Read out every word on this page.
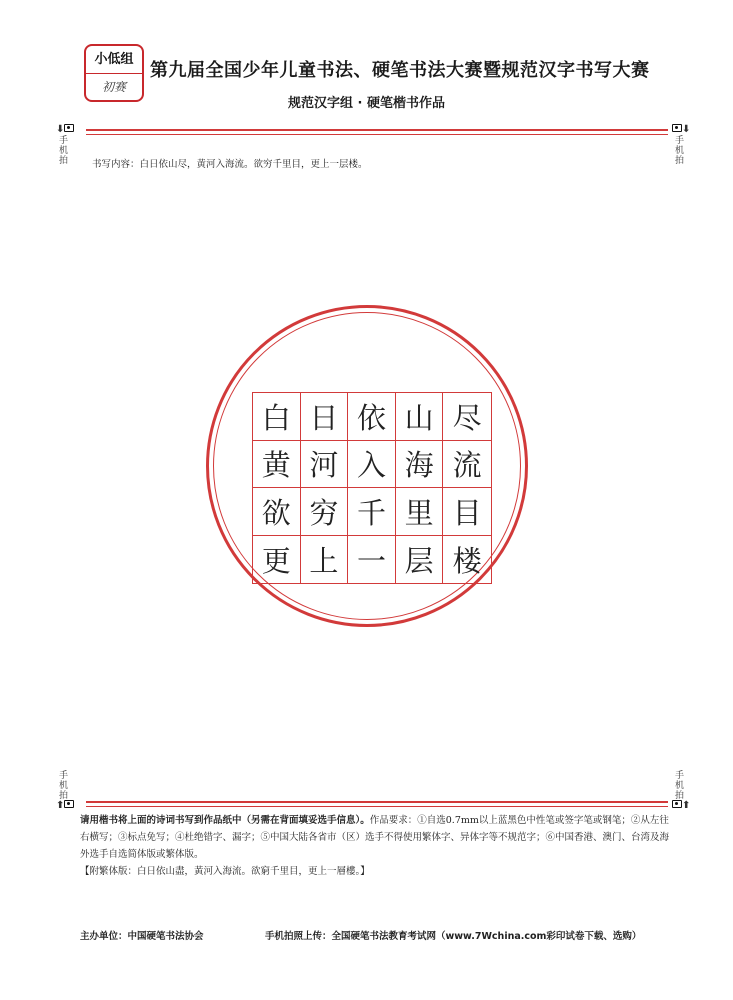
小低组
初赛
第九届全国少年儿童书法、硬笔书法大赛暨规范汉字书写大赛
规范汉字组 · 硬笔楷书作品
⬇
手机拍
⬇
手机拍
手机拍
⬆
手机拍
⬆
书写内容：白日依山尽，黄河入海流。欲穷千里目，更上一层楼。
白 日 依 山 尽
黄 河 入 海 流
欲 穷 千 里 目
更 上 一 层 楼

请用楷书将上面的诗词书写到作品纸中（另需在背面填妥选手信息）。作品要求：①自选0.7mm以上蓝黑色中性笔或签字笔或钢笔；②从左往右横写；③标点免写；④杜绝错字、漏字；⑤中国大陆各省市（区）选手不得使用繁体字、异体字等不规范字；⑥中国香港、澳门、台湾及海外选手自选简体版或繁体版。

【附繁体版：白日依山盡，黃河入海流。欲窮千里目，更上一層樓。】

主办单位：中国硬笔书法协会	手机拍照上传：全国硬笔书法教育考试网（www.7Wchina.com彩印试卷下载、选购）
